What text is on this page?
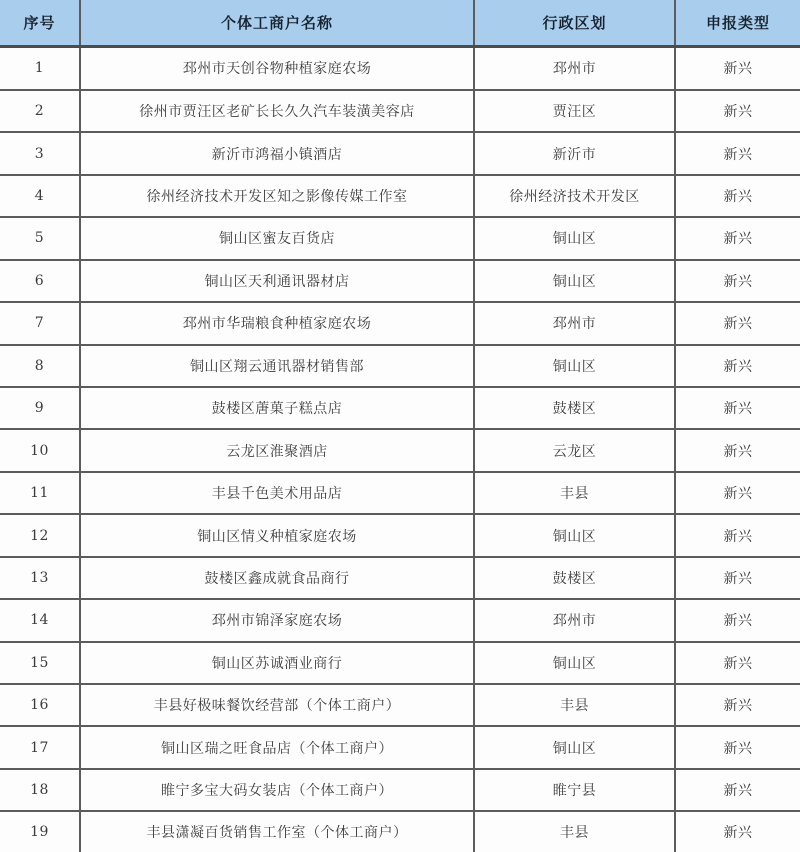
序号	个体工商户名称	行政区划	申报类型
1	邳州市天创谷物种植家庭农场	邳州市	新兴
2	徐州市贾汪区老矿长长久久汽车装潢美容店	贾汪区	新兴
3	新沂市鸿福小镇酒店	新沂市	新兴
4	徐州经济技术开发区知之影像传媒工作室	徐州经济技术开发区	新兴
5	铜山区蜜友百货店	铜山区	新兴
6	铜山区天利通讯器材店	铜山区	新兴
7	邳州市华瑞粮食种植家庭农场	邳州市	新兴
8	铜山区翔云通讯器材销售部	铜山区	新兴
9	鼓楼区蓎菓子糕点店	鼓楼区	新兴
10	云龙区淮聚酒店	云龙区	新兴
11	丰县千色美术用品店	丰县	新兴
12	铜山区情义种植家庭农场	铜山区	新兴
13	鼓楼区鑫成就食品商行	鼓楼区	新兴
14	邳州市锦泽家庭农场	邳州市	新兴
15	铜山区苏诚酒业商行	铜山区	新兴
16	丰县好极味餐饮经营部（个体工商户）	丰县	新兴
17	铜山区瑞之旺食品店（个体工商户）	铜山区	新兴
18	睢宁多宝大码女装店（个体工商户）	睢宁县	新兴
19	丰县潇凝百货销售工作室（个体工商户）	丰县	新兴
